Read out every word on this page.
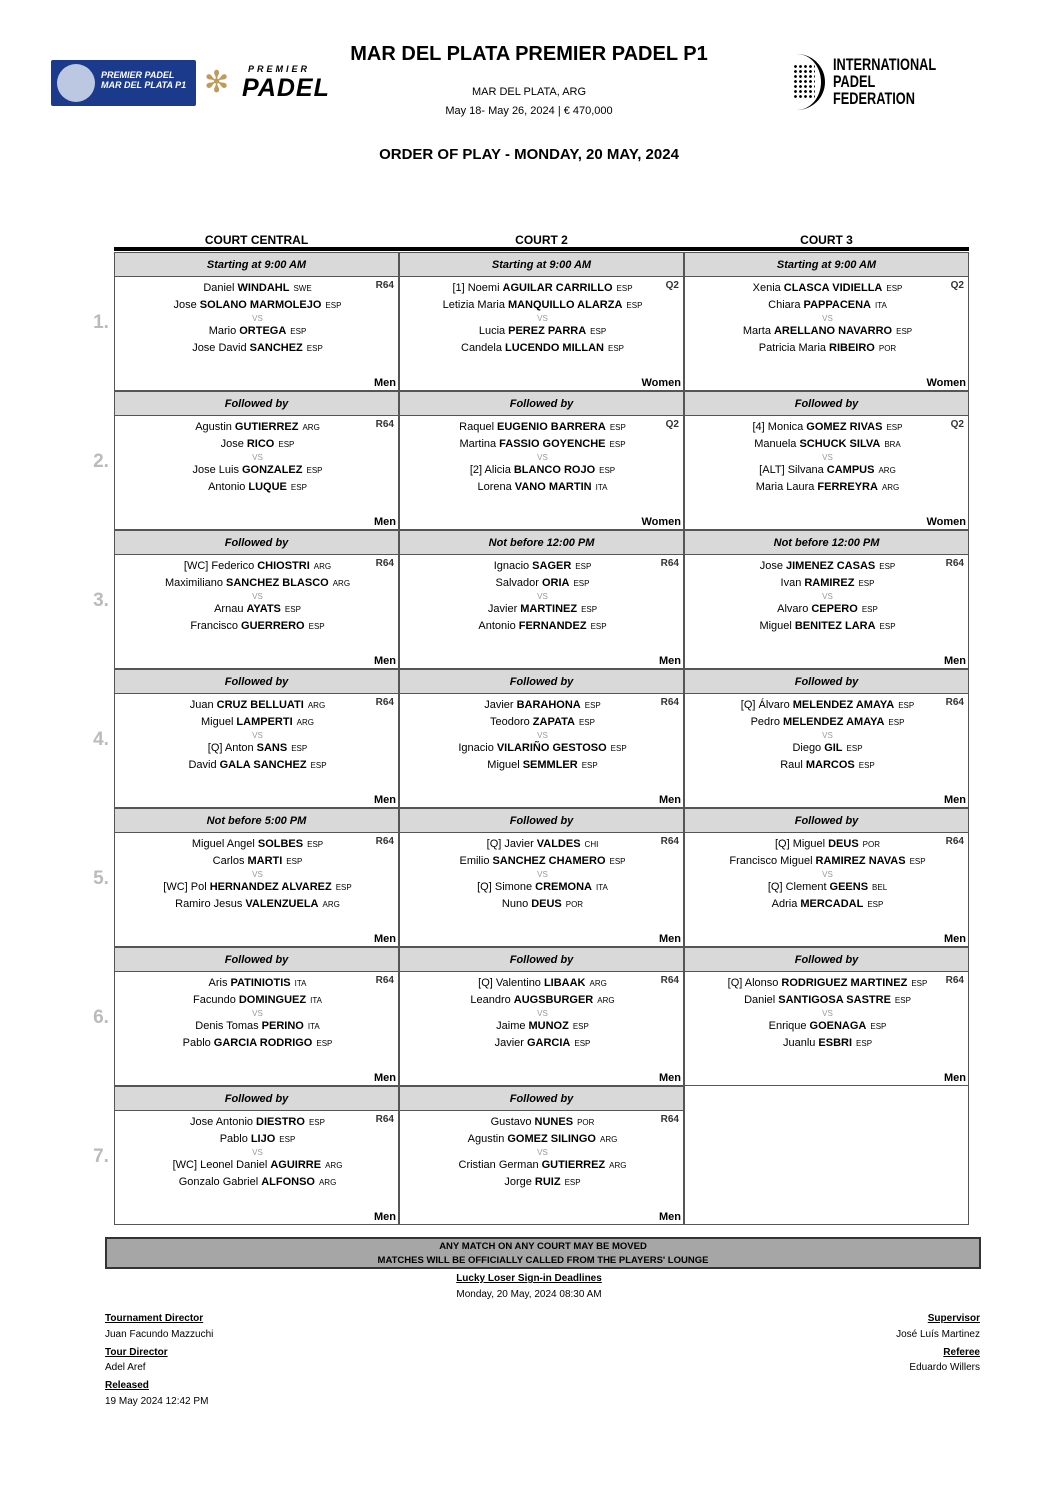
PREMIER PADEL
MAR DEL PLATA P1 ✻ PREMIER
PADEL
INTERNATIONAL
PADEL
FEDERATION
MAR DEL PLATA PREMIER PADEL P1
MAR DEL PLATA, ARG
May 18- May 26, 2024 | € 470,000
ORDER OF PLAY - MONDAY, 20 MAY, 2024
COURT CENTRAL	COURT 2	COURT 3
1.
Starting at 9:00 AM
Daniel WINDAHL $^{SWE}$
Jose SOLANO MARMOLEJO $^{ESP}$
Mario ORTEGA $^{ESP}$
Jose David SANCHEZ $^{ESP}$
VS
R64
Men
Starting at 9:00 AM
[1] Noemi AGUILAR CARRILLO $^{ESP}$
Letizia Maria MANQUILLO ALARZA $^{ESP}$
Lucia PEREZ PARRA $^{ESP}$
Candela LUCENDO MILLAN $^{ESP}$
VS
Q2
Women
Starting at 9:00 AM
Xenia CLASCA VIDIELLA $^{ESP}$
Chiara PAPPACENA $^{ITA}$
Marta ARELLANO NAVARRO $^{ESP}$
Patricia Maria RIBEIRO $^{POR}$
VS
Q2
Women
2.
Followed by
Agustin GUTIERREZ $^{ARG}$
Jose RICO $^{ESP}$
Jose Luis GONZALEZ $^{ESP}$
Antonio LUQUE $^{ESP}$
VS
R64
Men
Followed by
Raquel EUGENIO BARRERA $^{ESP}$
Martina FASSIO GOYENCHE $^{ESP}$
[2] Alicia BLANCO ROJO $^{ESP}$
Lorena VANO MARTIN $^{ITA}$
VS
Q2
Women
Followed by
[4] Monica GOMEZ RIVAS $^{ESP}$
Manuela SCHUCK SILVA $^{BRA}$
[ALT] Silvana CAMPUS $^{ARG}$
Maria Laura FERREYRA $^{ARG}$
VS
Q2
Women
3.
Followed by
[WC] Federico CHIOSTRI $^{ARG}$
Maximiliano SANCHEZ BLASCO $^{ARG}$
Arnau AYATS $^{ESP}$
Francisco GUERRERO $^{ESP}$
VS
R64
Men
Not before 12:00 PM
Ignacio SAGER $^{ESP}$
Salvador ORIA $^{ESP}$
Javier MARTINEZ $^{ESP}$
Antonio FERNANDEZ $^{ESP}$
VS
R64
Men
Not before 12:00 PM
Jose JIMENEZ CASAS $^{ESP}$
Ivan RAMIREZ $^{ESP}$
Alvaro CEPERO $^{ESP}$
Miguel BENITEZ LARA $^{ESP}$
VS
R64
Men
4.
Followed by
Juan CRUZ BELLUATI $^{ARG}$
Miguel LAMPERTI $^{ARG}$
[Q] Anton SANS $^{ESP}$
David GALA SANCHEZ $^{ESP}$
VS
R64
Men
Followed by
Javier BARAHONA $^{ESP}$
Teodoro ZAPATA $^{ESP}$
Ignacio VILARIÑO GESTOSO $^{ESP}$
Miguel SEMMLER $^{ESP}$
VS
R64
Men
Followed by
[Q] Álvaro MELENDEZ AMAYA $^{ESP}$
Pedro MELENDEZ AMAYA $^{ESP}$
Diego GIL $^{ESP}$
Raul MARCOS $^{ESP}$
VS
R64
Men
5.
Not before 5:00 PM
Miguel Angel SOLBES $^{ESP}$
Carlos MARTI $^{ESP}$
[WC] Pol HERNANDEZ ALVAREZ $^{ESP}$
Ramiro Jesus VALENZUELA $^{ARG}$
VS
R64
Men
Followed by
[Q] Javier VALDES $^{CHI}$
Emilio SANCHEZ CHAMERO $^{ESP}$
[Q] Simone CREMONA $^{ITA}$
Nuno DEUS $^{POR}$
VS
R64
Men
Followed by
[Q] Miguel DEUS $^{POR}$
Francisco Miguel RAMIREZ NAVAS $^{ESP}$
[Q] Clement GEENS $^{BEL}$
Adria MERCADAL $^{ESP}$
VS
R64
Men
6.
Followed by
Aris PATINIOTIS $^{ITA}$
Facundo DOMINGUEZ $^{ITA}$
Denis Tomas PERINO $^{ITA}$
Pablo GARCIA RODRIGO $^{ESP}$
VS
R64
Men
Followed by
[Q] Valentino LIBAAK $^{ARG}$
Leandro AUGSBURGER $^{ARG}$
Jaime MUNOZ $^{ESP}$
Javier GARCIA $^{ESP}$
VS
R64
Men
Followed by
[Q] Alonso RODRIGUEZ MARTINEZ $^{ESP}$
Daniel SANTIGOSA SASTRE $^{ESP}$
Enrique GOENAGA $^{ESP}$
Juanlu ESBRI $^{ESP}$
VS
R64
Men
7.
Followed by
Jose Antonio DIESTRO $^{ESP}$
Pablo LIJO $^{ESP}$
[WC] Leonel Daniel AGUIRRE $^{ARG}$
Gonzalo Gabriel ALFONSO $^{ARG}$
VS
R64
Men
Followed by
Gustavo NUNES $^{POR}$
Agustin GOMEZ SILINGO $^{ARG}$
Cristian German GUTIERREZ $^{ARG}$
Jorge RUIZ $^{ESP}$
VS
R64
Men
ANY MATCH ON ANY COURT MAY BE MOVED
MATCHES WILL BE OFFICIALLY CALLED FROM THE PLAYERS' LOUNGE
Lucky Loser Sign-in Deadlines
Monday, 20 May, 2024 08:30 AM
Tournament Director
Juan Facundo Mazzuchi
Tour Director
Adel Aref
Released
19 May 2024 12:42 PM
Supervisor
José Luís Martinez
Referee
Eduardo Willers
